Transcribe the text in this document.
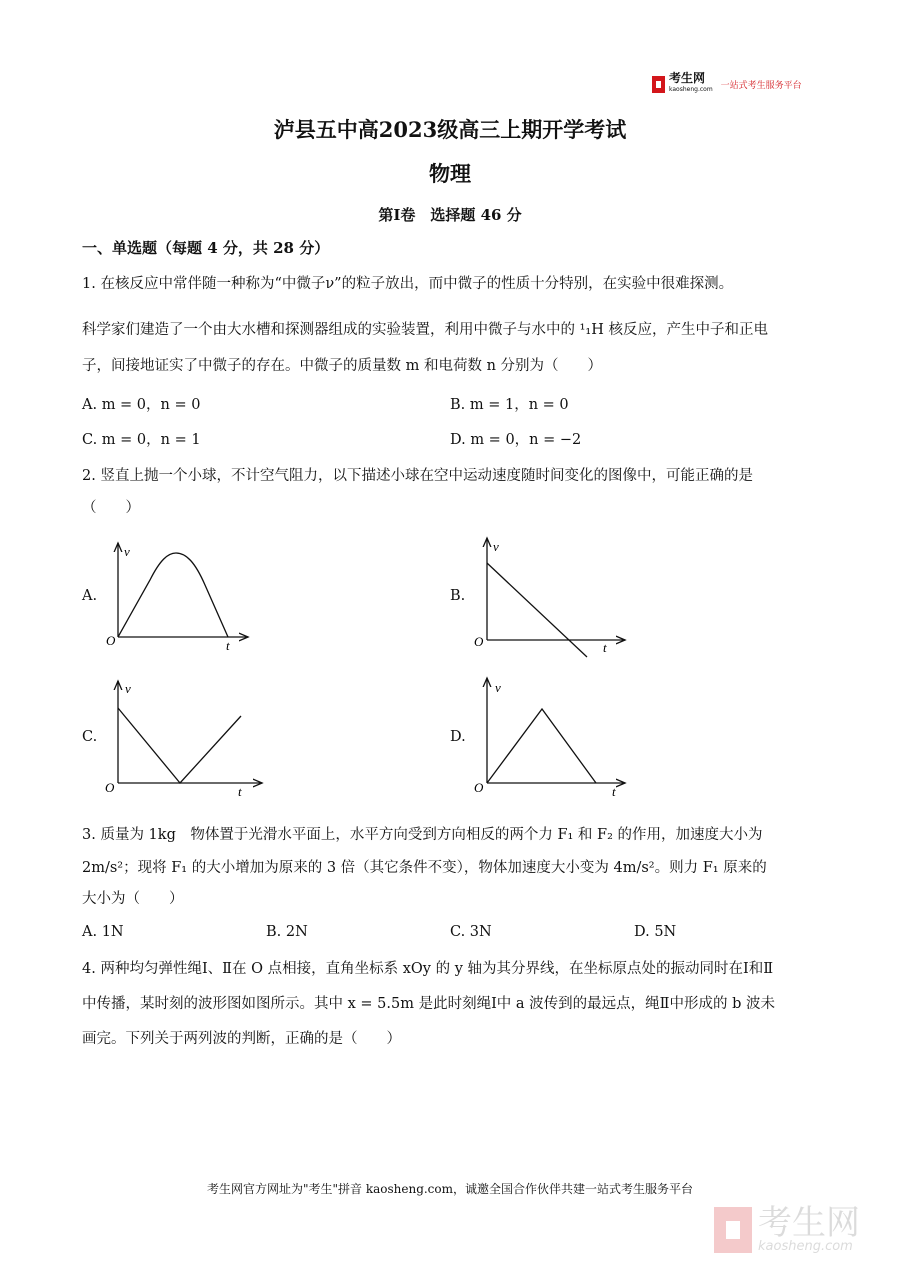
考生网
kaosheng.com 一站式考生服务平台
泸县五中高2023级高三上期开学考试
物理
第Ⅰ卷　选择题 46 分
一、单选题（每题 4 分，共 28 分）
1. 在核反应中常伴随一种称为“中微子ν”的粒子放出，而中微子的性质十分特别，在实验中很难探测。
科学家们建造了一个由大水槽和探测器组成的实验装置，利用中微子与水中的 ¹₁H 核反应，产生中子和正电
子，间接地证实了中微子的存在。中微子的质量数 m 和电荷数 n 分别为（　　）
A. m = 0，n = 0	B. m = 1，n = 0
C. m = 0，n = 1	D. m = 0，n = −2
2. 竖直上抛一个小球，不计空气阻力，以下描述小球在空中运动速度随时间变化的图像中，可能正确的是
（　　）
A.	B.
C.	D.
v
O	t
v
O	t
v
O	t
v
O	t
3. 质量为 1kg　物体置于光滑水平面上，水平方向受到方向相反的两个力 F₁ 和 F₂ 的作用，加速度大小为
2m/s²；现将 F₁ 的大小增加为原来的 3 倍（其它条件不变），物体加速度大小变为 4m/s²。则力 F₁ 原来的
大小为（　　）
A. 1N	B. 2N	C. 3N	D. 5N
4. 两种均匀弹性绳Ⅰ、Ⅱ在 O 点相接，直角坐标系 xOy 的 y 轴为其分界线，在坐标原点处的振动同时在Ⅰ和Ⅱ
中传播，某时刻的波形图如图所示。其中 x = 5.5m 是此时刻绳Ⅰ中 a 波传到的最远点，绳Ⅱ中形成的 b 波未
画完。下列关于两列波的判断，正确的是（　　）
考生网官方网址为"考生"拼音 kaosheng.com，诚邀全国合作伙伴共建一站式考生服务平台
考生网
kaosheng.com
